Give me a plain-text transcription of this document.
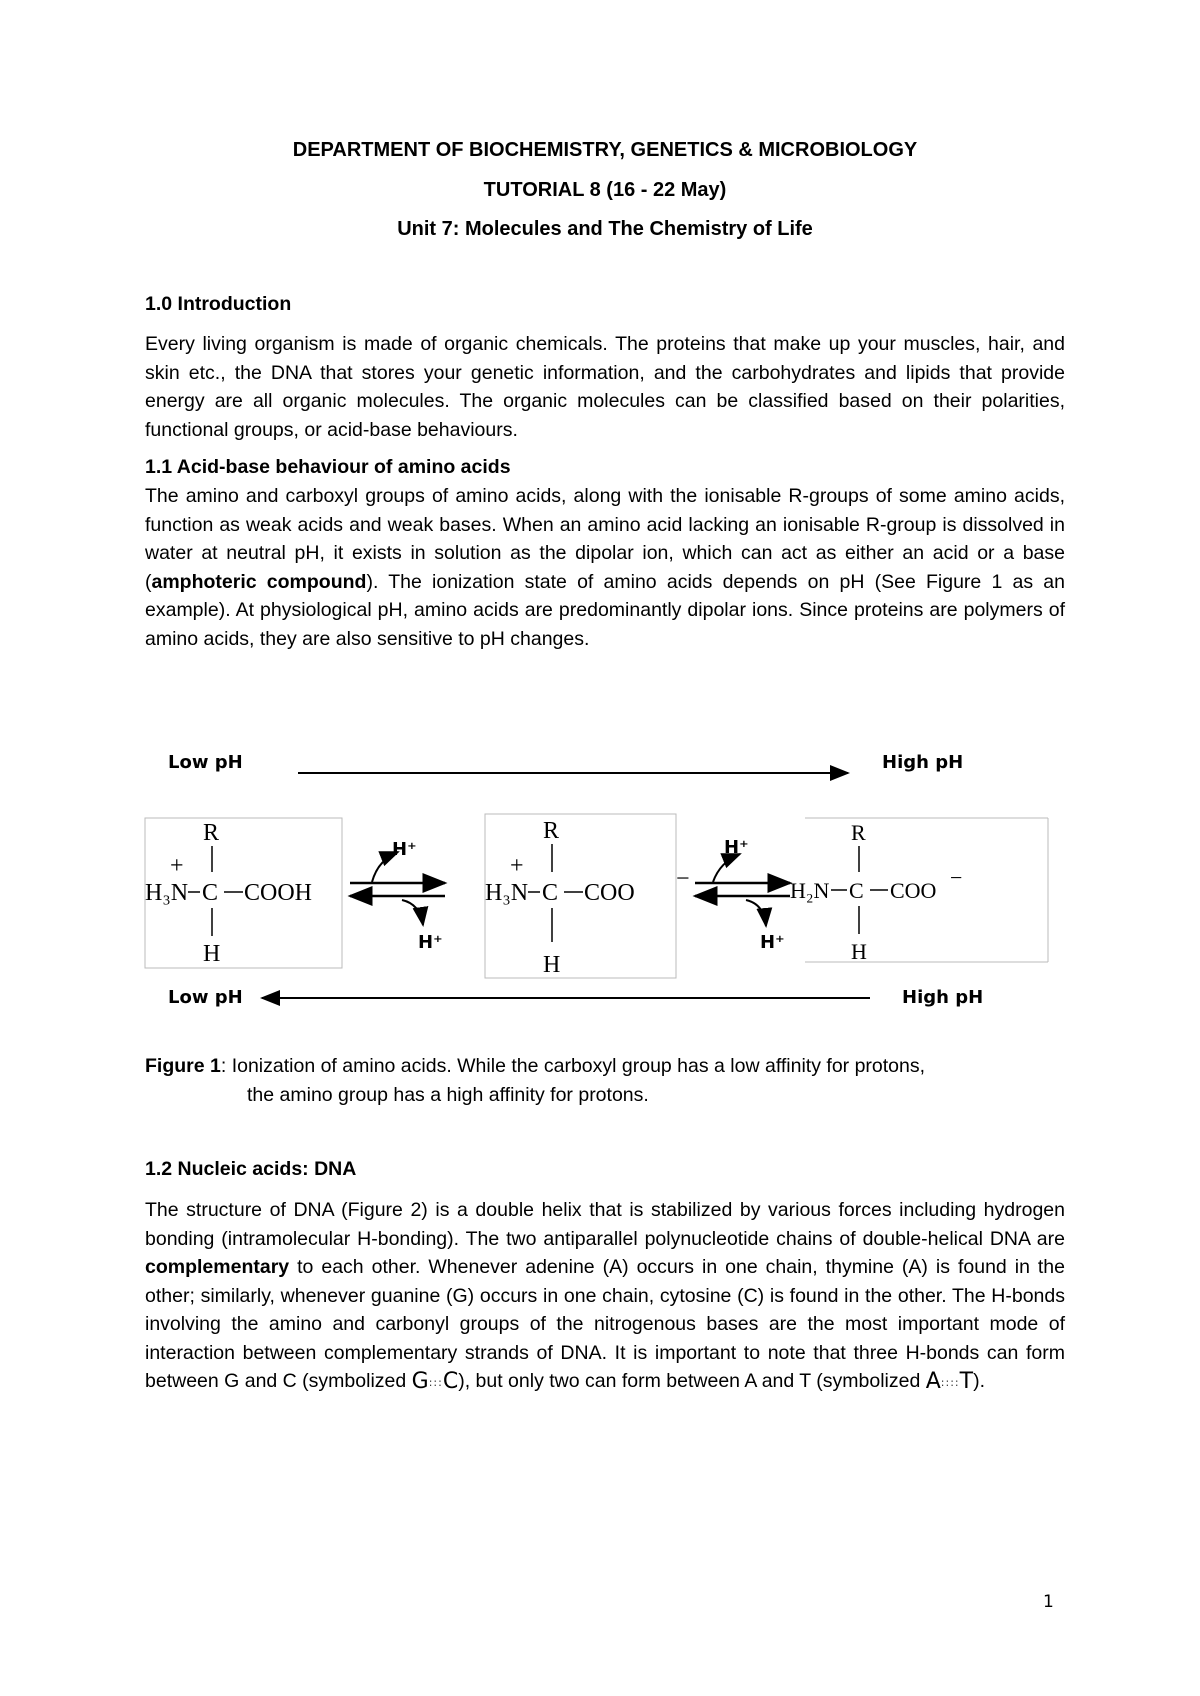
DEPARTMENT OF BIOCHEMISTRY, GENETICS & MICROBIOLOGY
TUTORIAL 8 (16 - 22 May)
Unit 7: Molecules and The Chemistry of Life
1.0 Introduction
Every living organism is made of organic chemicals. The proteins that make up your muscles, hair, and skin etc., the DNA that stores your genetic information, and the carbohydrates and lipids that provide energy are all organic molecules. The organic molecules can be classified based on their polarities, functional groups, or acid-base behaviours.
1.1 Acid-base behaviour of amino acids
The amino and carboxyl groups of amino acids, along with the ionisable R-groups of some amino acids, function as weak acids and weak bases. When an amino acid lacking an ionisable R-group is dissolved in water at neutral pH, it exists in solution as the dipolar ion, which can act as either an acid or a base (amphoteric compound). The ionization state of amino acids depends on pH (See Figure 1 as an example). At physiological pH, amino acids are predominantly dipolar ions. Since proteins are polymers of amino acids, they are also sensitive to pH changes.
Low pH	High pH
R
+
H₃N C COOH
H
H⁺
H⁺
R
+
H₃N C COO
−
H
H⁺
H⁺
R
H₂N C COO
−
H
Low pH	High pH
Figure 1: Ionization of amino acids. While the carboxyl group has a low affinity for protons,
the amino group has a high affinity for protons.
1.2 Nucleic acids: DNA
The structure of DNA (Figure 2) is a double helix that is stabilized by various forces including hydrogen bonding (intramolecular H-bonding). The two antiparallel polynucleotide chains of double-helical DNA are complementary to each other. Whenever adenine (A) occurs in one chain, thymine (A) is found in the other; similarly, whenever guanine (G) occurs in one chain, cytosine (C) is found in the other. The H-bonds involving the amino and carbonyl groups of the nitrogenous bases are the most important mode of interaction between complementary strands of DNA. It is important to note that three H-bonds can form between G and C (symbolized G:::C), but only two can form between A and T (symbolized A::::T).
1
